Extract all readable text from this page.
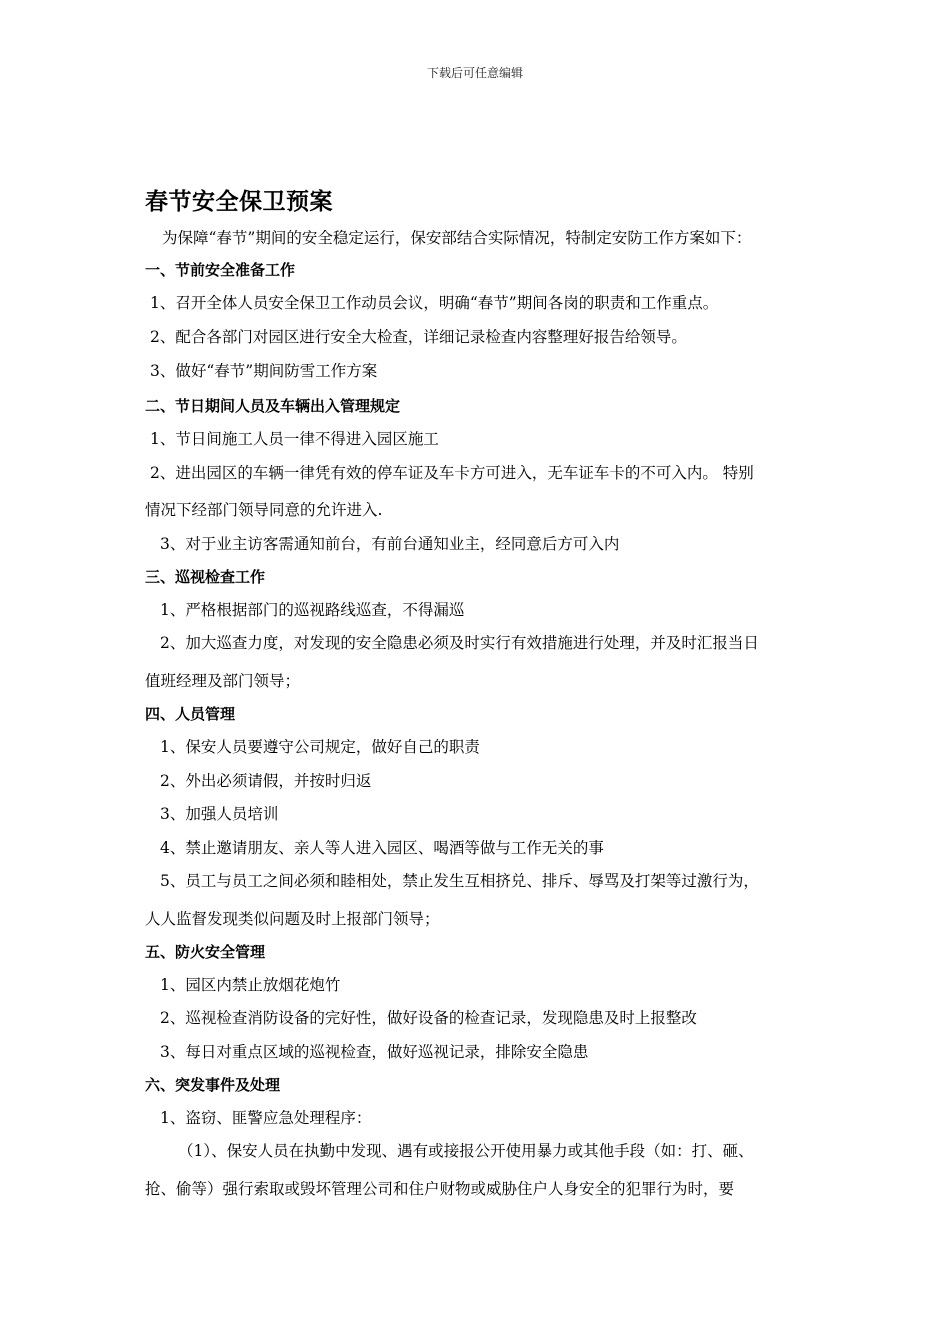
下载后可任意编辑
春节安全保卫预案
为保障“春节”期间的安全稳定运行，保安部结合实际情况，特制定安防工作方案如下：
一、节前安全准备工作
1、召开全体人员安全保卫工作动员会议，明确“春节”期间各岗的职责和工作重点。
2、配合各部门对园区进行安全大检查，详细记录检查内容整理好报告给领导。
3、做好“春节”期间防雪工作方案
二、节日期间人员及车辆出入管理规定
1、节日间施工人员一律不得进入园区施工
2、进出园区的车辆一律凭有效的停车证及车卡方可进入，无车证车卡的不可入内。 特别
情况下经部门领导同意的允许进入.
3、对于业主访客需通知前台，有前台通知业主，经同意后方可入内
三、巡视检查工作
1、严格根据部门的巡视路线巡查，不得漏巡
2、加大巡查力度，对发现的安全隐患必须及时实行有效措施进行处理，并及时汇报当日
值班经理及部门领导；
四、人员管理
1、保安人员要遵守公司规定，做好自己的职责
2、外出必须请假，并按时归返
3、加强人员培训
4、禁止邀请朋友、亲人等人进入园区、喝酒等做与工作无关的事
5、员工与员工之间必须和睦相处，禁止发生互相挤兑、排斥、辱骂及打架等过激行为，
人人监督发现类似问题及时上报部门领导；
五、防火安全管理
1、园区内禁止放烟花炮竹
2、巡视检查消防设备的完好性，做好设备的检查记录，发现隐患及时上报整改
3、每日对重点区域的巡视检查，做好巡视记录，排除安全隐患
六、突发事件及处理
1、盗窃、匪警应急处理程序：
（1）、保安人员在执勤中发现、遇有或接报公开使用暴力或其他手段（如：打、砸、
抢、偷等）强行索取或毁坏管理公司和住户财物或威胁住户人身安全的犯罪行为时，要
